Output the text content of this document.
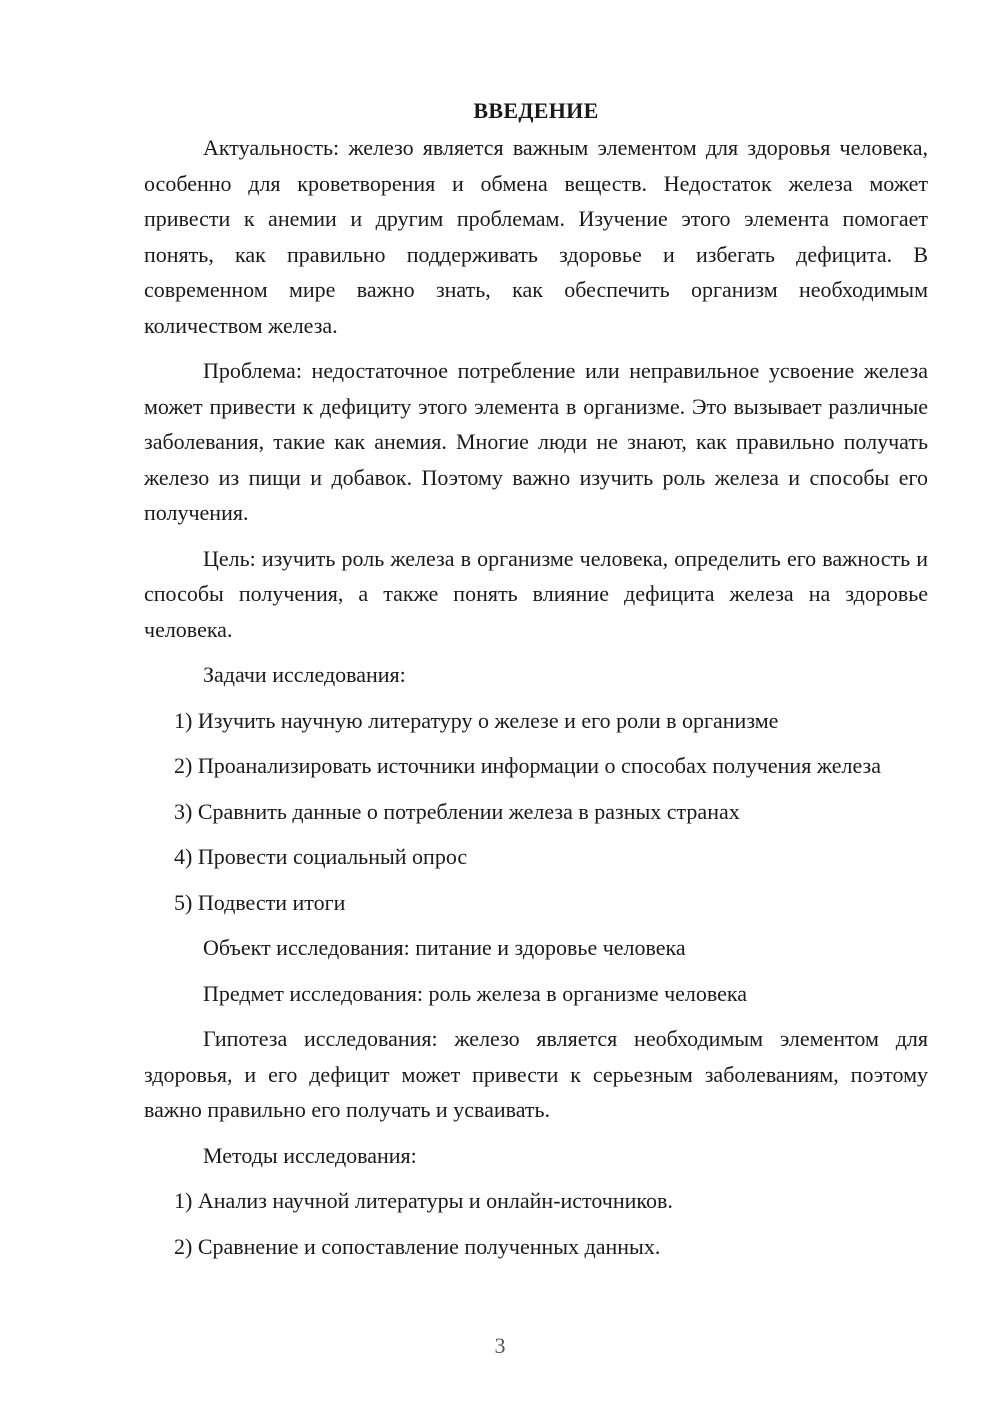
ВВЕДЕНИЕ

Актуальность: железо является важным элементом для здоровья человека, особенно для кроветворения и обмена веществ. Недостаток железа может привести к анемии и другим проблемам. Изучение этого элемента помогает понять, как правильно поддерживать здоровье и избегать дефицита. В современном мире важно знать, как обеспечить организм необходимым количеством железа.

Проблема: недостаточное потребление или неправильное усвоение железа может привести к дефициту этого элемента в организме. Это вызывает различные заболевания, такие как анемия. Многие люди не знают, как правильно получать железо из пищи и добавок. Поэтому важно изучить роль железа и способы его получения.

Цель: изучить роль железа в организме человека, определить его важность и способы получения, а также понять влияние дефицита железа на здоровье человека.

Задачи исследования:

1) Изучить научную литературу о железе и его роли в организме

2) Проанализировать источники информации о способах получения железа

3) Сравнить данные о потреблении железа в разных странах

4) Провести социальный опрос

5) Подвести итоги

Объект исследования: питание и здоровье человека

Предмет исследования: роль железа в организме человека

Гипотеза исследования: железо является необходимым элементом для здоровья, и его дефицит может привести к серьезным заболеваниям, поэтому важно правильно его получать и усваивать.

Методы исследования:

1) Анализ научной литературы и онлайн-источников.

2) Сравнение и сопоставление полученных данных.

3
